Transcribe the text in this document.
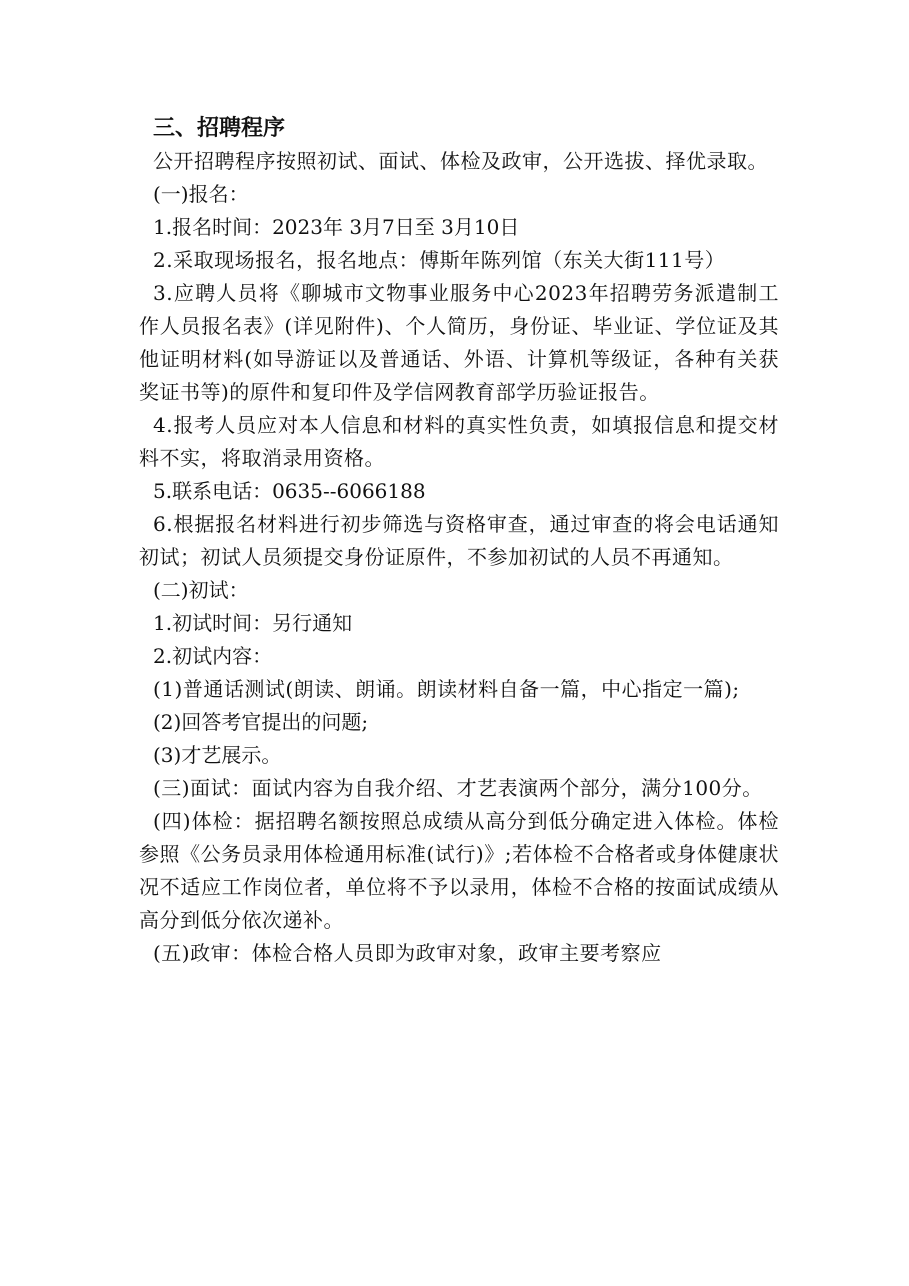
三、招聘程序
公开招聘程序按照初试、面试、体检及政审，公开选拔、择优录取。
(一)报名：
1.报名时间：2023年 3月7日至 3月10日
2.采取现场报名，报名地点：傅斯年陈列馆（东关大街111号）
3.应聘人员将《聊城市文物事业服务中心2023年招聘劳务派遣制工作人员报名表》(详见附件)、个人简历，身份证、毕业证、学位证及其他证明材料(如导游证以及普通话、外语、计算机等级证，各种有关获奖证书等)的原件和复印件及学信网教育部学历验证报告。
4.报考人员应对本人信息和材料的真实性负责，如填报信息和提交材料不实，将取消录用资格。
5.联系电话：0635--6066188
6.根据报名材料进行初步筛选与资格审查，通过审查的将会电话通知初试；初试人员须提交身份证原件，不参加初试的人员不再通知。
(二)初试：
1.初试时间：另行通知
2.初试内容：
(1)普通话测试(朗读、朗诵。朗读材料自备一篇，中心指定一篇);
(2)回答考官提出的问题;
(3)才艺展示。
(三)面试：面试内容为自我介绍、才艺表演两个部分，满分100分。
(四)体检：据招聘名额按照总成绩从高分到低分确定进入体检。体检参照《公务员录用体检通用标准(试行)》;若体检不合格者或身体健康状况不适应工作岗位者，单位将不予以录用，体检不合格的按面试成绩从高分到低分依次递补。
(五)政审：体检合格人员即为政审对象，政审主要考察应
